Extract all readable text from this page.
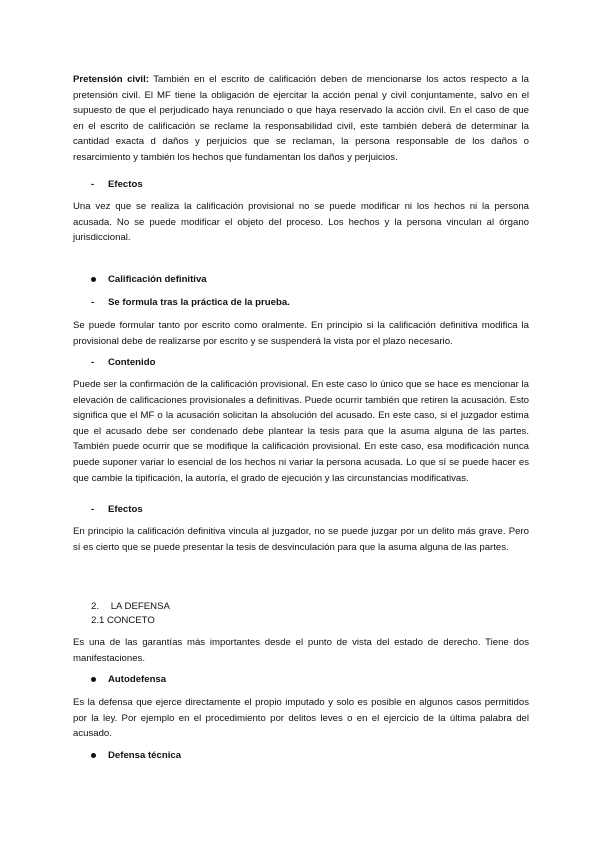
Pretensión civil: También en el escrito de calificación deben de mencionarse los actos respecto a la pretensión civil. El MF tiene la obligación de ejercitar la acción penal y civil conjuntamente, salvo en el supuesto de que el perjudicado haya renunciado o que haya reservado la acción civil. En el caso de que en el escrito de calificación se reclame la responsabilidad civil, este también deberá de determinar la cantidad exacta d daños y perjuicios que se reclaman, la persona responsable de los daños o resarcimiento y también los hechos que fundamentan los daños y perjuicios.

- Efectos

Una vez que se realiza la calificación provisional no se puede modificar ni los hechos ni la persona acusada. No se puede modificar el objeto del proceso. Los hechos y la persona vinculan al órgano jurisdiccional.

Calificación definitiva
- Se formula tras la práctica de la prueba.

Se puede formular tanto por escrito como oralmente. En principio si la calificación definitiva modifica la provisional debe de realizarse por escrito y se suspenderá la vista por el plazo necesario.

- Contenido

Puede ser la confirmación de la calificación provisional. En este caso lo único que se hace es mencionar la elevación de calificaciones provisionales a definitivas. Puede ocurrir también que retiren la acusación. Esto significa que el MF o la acusación solicitan la absolución del acusado. En este caso, si el juzgador estima que el acusado debe ser condenado debe plantear la tesis para que la asuma alguna de las partes. También puede ocurrir que se modifique la calificación provisional. En este caso, esa modificación nunca puede suponer variar lo esencial de los hechos ni variar la persona acusada. Lo que sí se puede hacer es que cambie la tipificación, la autoría, el grado de ejecución y las circunstancias modificativas.

- Efectos

En principio la calificación definitiva vincula al juzgador, no se puede juzgar por un delito más grave. Pero sí es cierto que se puede presentar la tesis de desvinculación para que la asuma alguna de las partes.

2. LA DEFENSA
2.1 CONCETO

Es una de las garantías más importantes desde el punto de vista del estado de derecho. Tiene dos manifestaciones.

Autodefensa

Es la defensa que ejerce directamente el propio imputado y solo es posible en algunos casos permitidos por la ley. Por ejemplo en el procedimiento por delitos leves o en el ejercicio de la última palabra del acusado.

Defensa técnica
